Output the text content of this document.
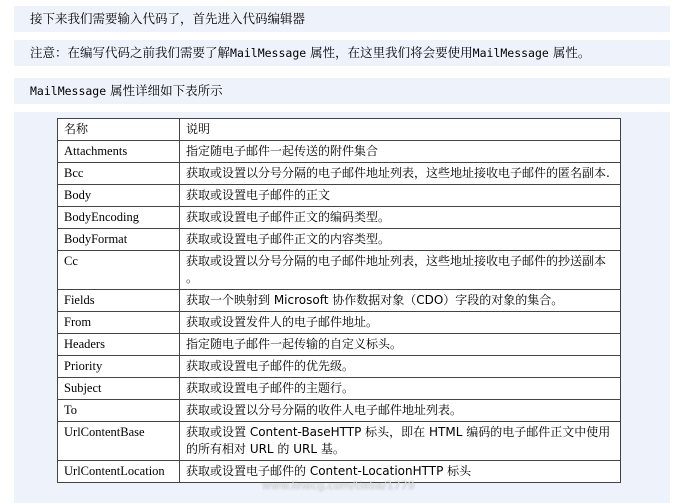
接下来我们需要输入代码了，首先进入代码编辑器
注意：在编写代码之前我们需要了解MailMessage 属性，在这里我们将会要使用MailMessage 属性。
MailMessage 属性详细如下表所示
名称	说明
Attachments	指定随电子邮件一起传送的附件集合
Bcc	获取或设置以分号分隔的电子邮件地址列表，这些地址接收电子邮件的匿名副本.
Body	获取或设置电子邮件的正文
BodyEncoding	获取或设置电子邮件正文的编码类型。
BodyFormat	获取或设置电子邮件正文的内容类型。
Cc	获取或设置以分号分隔的电子邮件地址列表，这些地址接收电子邮件的抄送副本 。
Fields	获取一个映射到 Microsoft 协作数据对象（CDO）字段的对象的集合。
From	获取或设置发件人的电子邮件地址。
Headers	指定随电子邮件一起传输的自定义标头。
Priority	获取或设置电子邮件的优先级。
Subject	获取或设置电子邮件的主题行。
To	获取或设置以分号分隔的收件人电子邮件地址列表。
UrlContentBase	获取或设置 Content-BaseHTTP 标头，即在 HTML 编码的电子邮件正文中使用的所有相对 URL 的 URL 基。
UrlContentLocation	获取或设置电子邮件的 Content-LocationHTTP 标头
www.linecg.com/tieba/1779
